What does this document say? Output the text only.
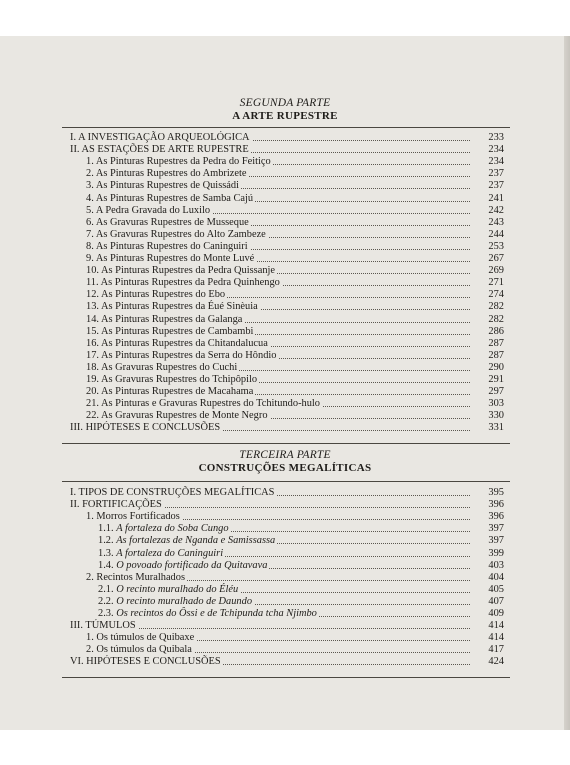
SEGUNDA PARTE
A ARTE RUPESTRE
I. A INVESTIGAÇÃO ARQUEOLÓGICA	233
II. AS ESTAÇÕES DE ARTE RUPESTRE	234
1. As Pinturas Rupestres da Pedra do Feitiço	234
2. As Pinturas Rupestres do Ambrizete	237
3. As Pinturas Rupestres de Quissádi	237
4. As Pinturas Rupestres de Samba Cajú	241
5. A Pedra Gravada do Luxilo	242
6. As Gravuras Rupestres de Musseque	243
7. As Gravuras Rupestres do Alto Zambeze	244
8. As Pinturas Rupestres do Caninguiri	253
9. As Pinturas Rupestres do Monte Luvé	267
10. As Pinturas Rupestres da Pedra Quissanje	269
11. As Pinturas Rupestres da Pedra Quinhengo	271
12. As Pinturas Rupestres do Ebo	274
13. As Pinturas Rupestres da Éué Sinèuia	282
14. As Pinturas Rupestres da Galanga	282
15. As Pinturas Rupestres de Cambambi	286
16. As Pinturas Rupestres da Chitandalucua	287
17. As Pinturas Rupestres da Serra do Hôndio	287
18. As Gravuras Rupestres do Cuchi	290
19. As Gravuras Rupestres do Tchipôpilo	291
20. As Pinturas Rupestres de Macahama	297
21. As Pinturas e Gravuras Rupestres do Tchitundo-hulo	303
22. As Gravuras Rupestres de Monte Negro	330
III. HIPÓTESES E CONCLUSÕES	331
TERCEIRA PARTE
CONSTRUÇÕES MEGALÍTICAS
I. TIPOS DE CONSTRUÇÕES MEGALÍTICAS	395
II. FORTIFICAÇÕES	396
1. Morros Fortificados	396
1.1. A fortaleza do Soba Cungo	397
1.2. As fortalezas de Nganda e Samissassa	397
1.3. A fortaleza do Caninguiri	399
1.4. O povoado fortificado da Quitavava	403
2. Recintos Muralhados	404
2.1. O recinto muralhado do Éléu	405
2.2. O recinto muralhado de Daundo	407
2.3. Os recintos do Ôssi e de Tchipunda tcha Njimbo	409
III. TÚMULOS	414
1. Os túmulos de Quibaxe	414
2. Os túmulos da Quibala	417
VI. HIPÓTESES E CONCLUSÕES	424
